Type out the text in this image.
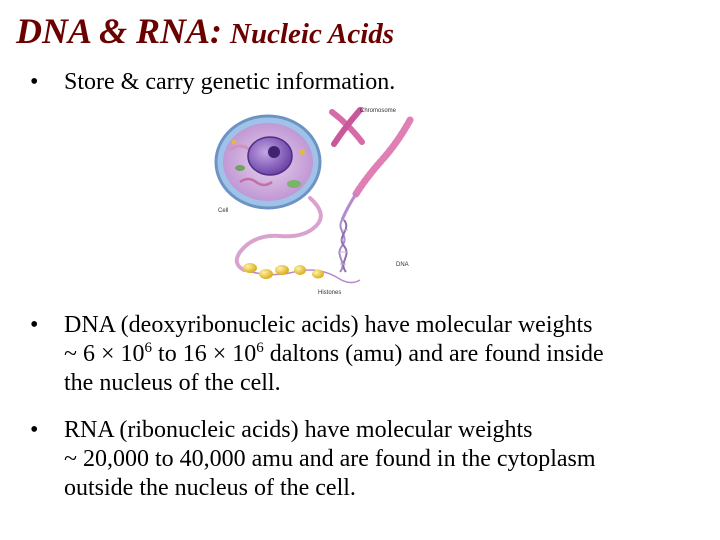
DNA & RNA: Nucleic Acids
•	Store & carry genetic information.
Chromosome
DNA
Histones
Cell
•	DNA (deoxyribonucleic acids) have molecular weights
~ $6 \times 10^6$ to $16 \times 10^6$ daltons (amu) and are found inside
the nucleus of the cell.
•	RNA (ribonucleic acids) have molecular weights
~ 20,000 to 40,000 amu and are found in the cytoplasm
outside the nucleus of the cell.
